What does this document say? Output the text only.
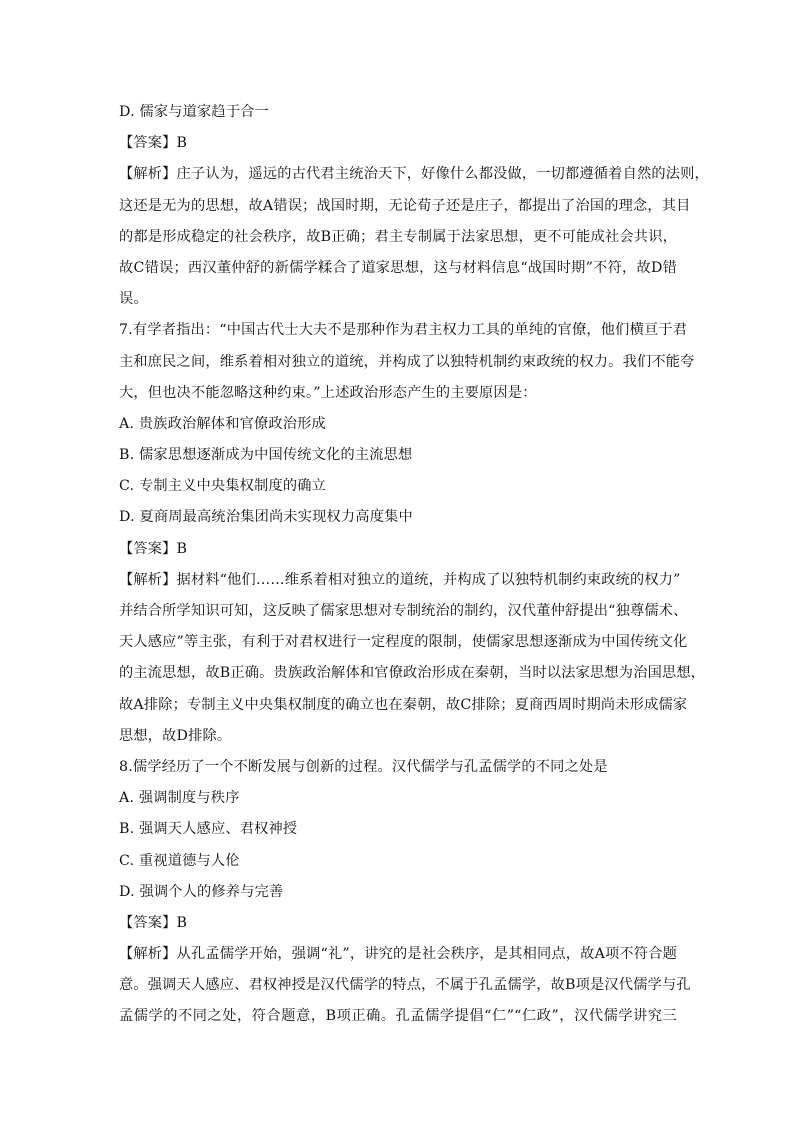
D. 儒家与道家趋于合一
【答案】B
【解析】庄子认为，遥远的古代君主统治天下，好像什么都没做，一切都遵循着自然的法则，
这还是无为的思想，故A错误；战国时期，无论荀子还是庄子，都提出了治国的理念，其目
的都是形成稳定的社会秩序，故B正确；君主专制属于法家思想，更不可能成社会共识，
故C错误；西汉董仲舒的新儒学糅合了道家思想，这与材料信息“战国时期”不符，故D错
误。
7.有学者指出：“中国古代士大夫不是那种作为君主权力工具的单纯的官僚，他们横亘于君
主和庶民之间，维系着相对独立的道统，并构成了以独特机制约束政统的权力。我们不能夸
大，但也决不能忽略这种约束。”上述政治形态产生的主要原因是：
A. 贵族政治解体和官僚政治形成
B. 儒家思想逐渐成为中国传统文化的主流思想
C. 专制主义中央集权制度的确立
D. 夏商周最高统治集团尚未实现权力高度集中
【答案】B
【解析】据材料“他们……维系着相对独立的道统，并构成了以独特机制约束政统的权力”
并结合所学知识可知，这反映了儒家思想对专制统治的制约，汉代董仲舒提出“独尊儒术、
天人感应”等主张，有利于对君权进行一定程度的限制，使儒家思想逐渐成为中国传统文化
的主流思想，故B正确。贵族政治解体和官僚政治形成在秦朝，当时以法家思想为治国思想，
故A排除；专制主义中央集权制度的确立也在秦朝，故C排除；夏商西周时期尚未形成儒家
思想，故D排除。
8.儒学经历了一个不断发展与创新的过程。汉代儒学与孔孟儒学的不同之处是
A. 强调制度与秩序
B. 强调天人感应、君权神授
C. 重视道德与人伦
D. 强调个人的修养与完善
【答案】B
【解析】从孔孟儒学开始，强调“礼”，讲究的是社会秩序，是其相同点，故A项不符合题
意。强调天人感应、君权神授是汉代儒学的特点，不属于孔孟儒学，故B项是汉代儒学与孔
孟儒学的不同之处，符合题意，B项正确。孔孟儒学提倡“仁”“仁政”，汉代儒学讲究三
